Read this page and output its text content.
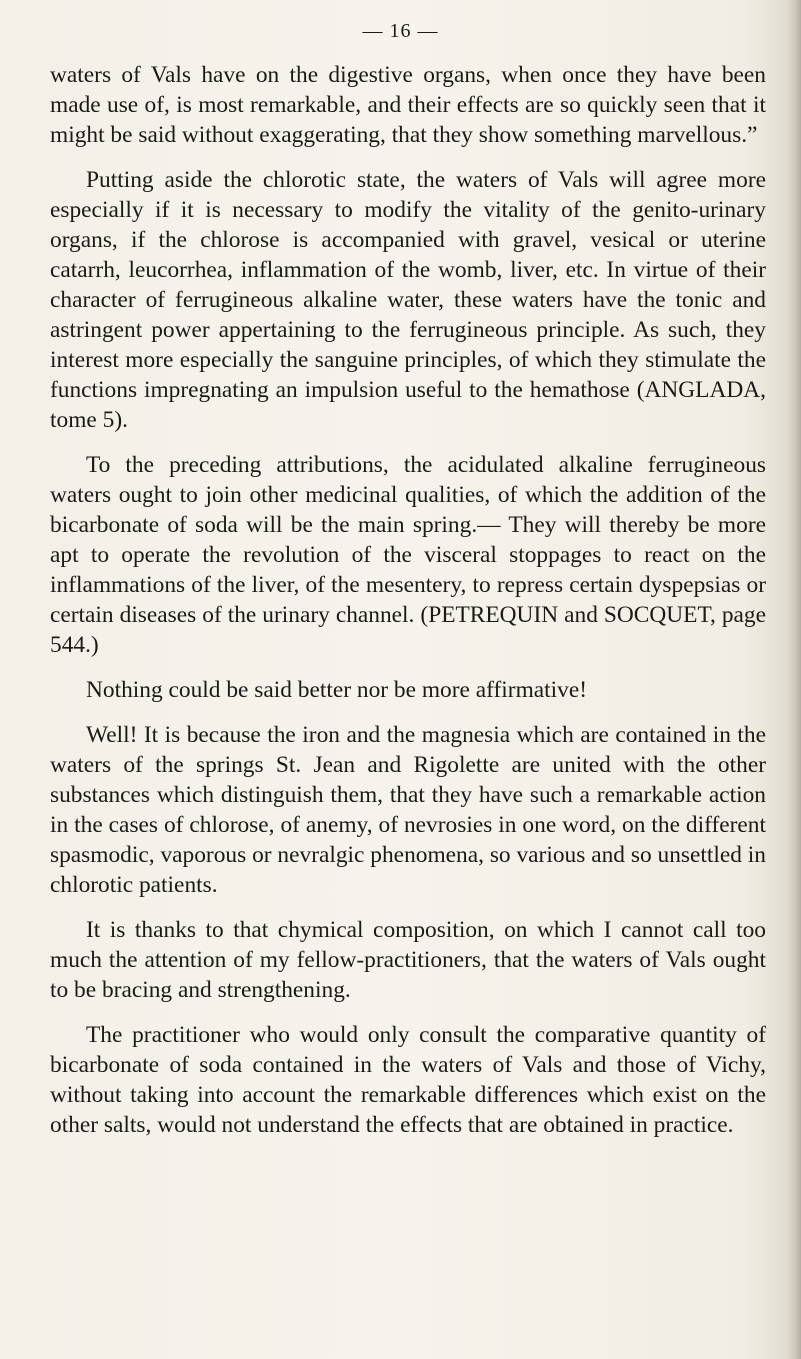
— 16 —

waters of Vals have on the digestive organs, when once they have been made use of, is most remarkable, and their effects are so quickly seen that it might be said without exaggerating, that they show something marvellous.”

Putting aside the chlorotic state, the waters of Vals will agree more especially if it is necessary to modify the vitality of the genito-urinary organs, if the chlorose is accompanied with gravel, vesical or uterine catarrh, leucorrhea, inflammation of the womb, liver, etc. In virtue of their character of ferrugineous alkaline water, these waters have the tonic and astringent power appertaining to the ferrugineous principle. As such, they interest more especially the sanguine principles, of which they stimulate the functions impregnating an impulsion useful to the hemathose (ANGLADA, tome 5).

To the preceding attributions, the acidulated alkaline ferrugineous waters ought to join other medicinal qualities, of which the addition of the bicarbonate of soda will be the main spring.— They will thereby be more apt to operate the revolution of the visceral stoppages to react on the inflammations of the liver, of the mesentery, to repress certain dyspepsias or certain diseases of the urinary channel. (PETREQUIN and SOCQUET, page 544.)

Nothing could be said better nor be more affirmative!

Well! It is because the iron and the magnesia which are contained in the waters of the springs St. Jean and Rigolette are united with the other substances which distinguish them, that they have such a remarkable action in the cases of chlorose, of anemy, of nevrosies in one word, on the different spasmodic, vaporous or nevralgic phenomena, so various and so unsettled in chlorotic patients.

It is thanks to that chymical composition, on which I cannot call too much the attention of my fellow-practitioners, that the waters of Vals ought to be bracing and strengthening.

The practitioner who would only consult the comparative quantity of bicarbonate of soda contained in the waters of Vals and those of Vichy, without taking into account the remarkable differences which exist on the other salts, would not understand the effects that are obtained in practice.
